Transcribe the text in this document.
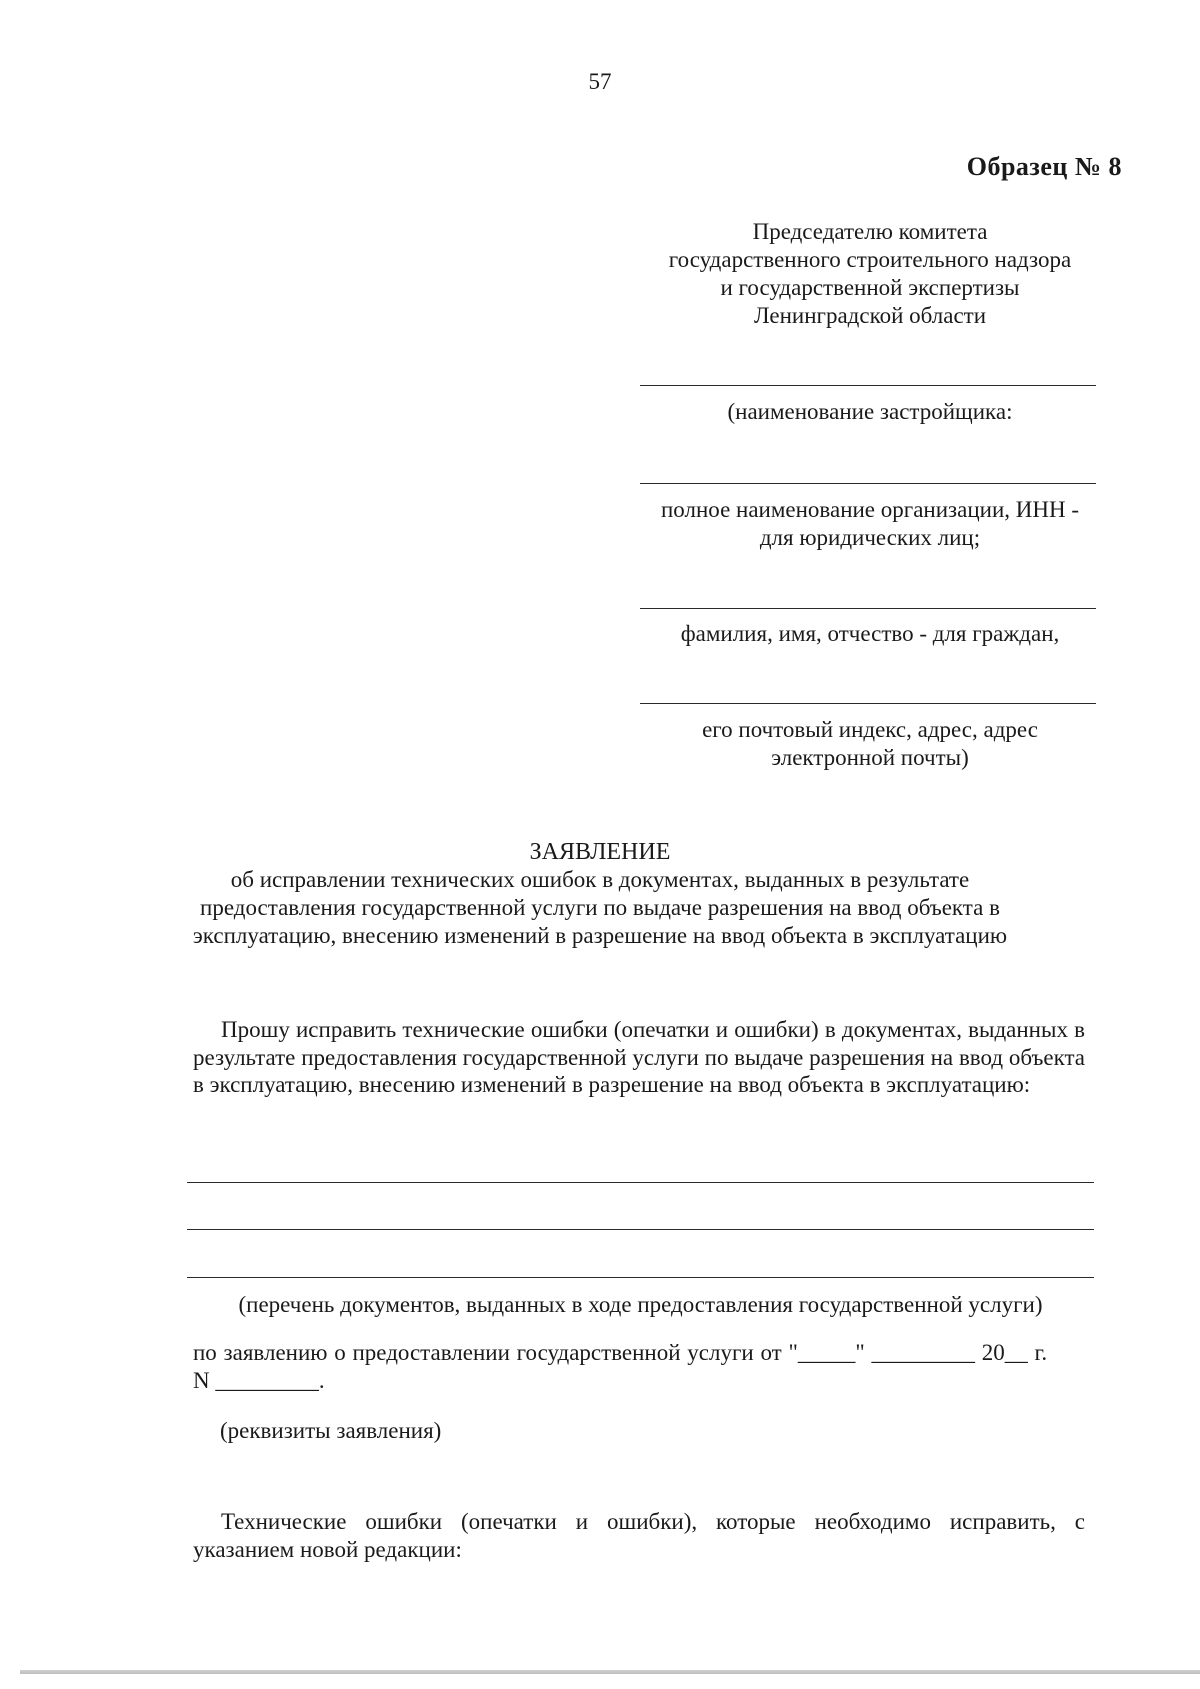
57
Образец № 8
Председателю комитета
государственного строительного надзора
и государственной экспертизы
Ленинградской области
(наименование застройщика:
полное наименование организации, ИНН -
для юридических лиц;
фамилия, имя, отчество - для граждан,
его почтовый индекс, адрес, адрес
электронной почты)
ЗАЯВЛЕНИЕ
об исправлении технических ошибок в документах, выданных в результате
предоставления государственной услуги по выдаче разрешения на ввод объекта в
эксплуатацию, внесению изменений в разрешение на ввод объекта в эксплуатацию
Прошу исправить технические ошибки (опечатки и ошибки) в документах, выданных в результате предоставления государственной услуги по выдаче разрешения на ввод объекта в эксплуатацию, внесению изменений в разрешение на ввод объекта в эксплуатацию:
(перечень документов, выданных в ходе предоставления государственной услуги)
по заявлению о предоставлении государственной услуги от "_____" _________ 20__ г.
N _________.
(реквизиты заявления)
Технические ошибки (опечатки и ошибки), которые необходимо исправить, с указанием новой редакции:
